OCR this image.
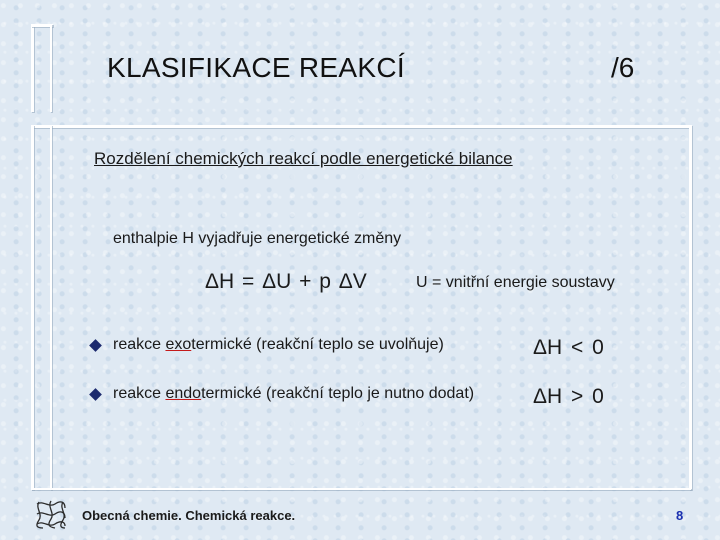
KLASIFIKACE REAKCÍ	/6
Rozdělení chemických reakcí podle energetické bilance
enthalpie H vyjadřuje energetické změny
ΔH = ΔU + p ΔV	U = vnitřní energie soustavy
reakce exotermické (reakční teplo se uvolňuje)	ΔH < 0
reakce endotermické (reakční teplo je nutno dodat)	ΔH > 0
Obecná chemie. Chemická reakce.	8
